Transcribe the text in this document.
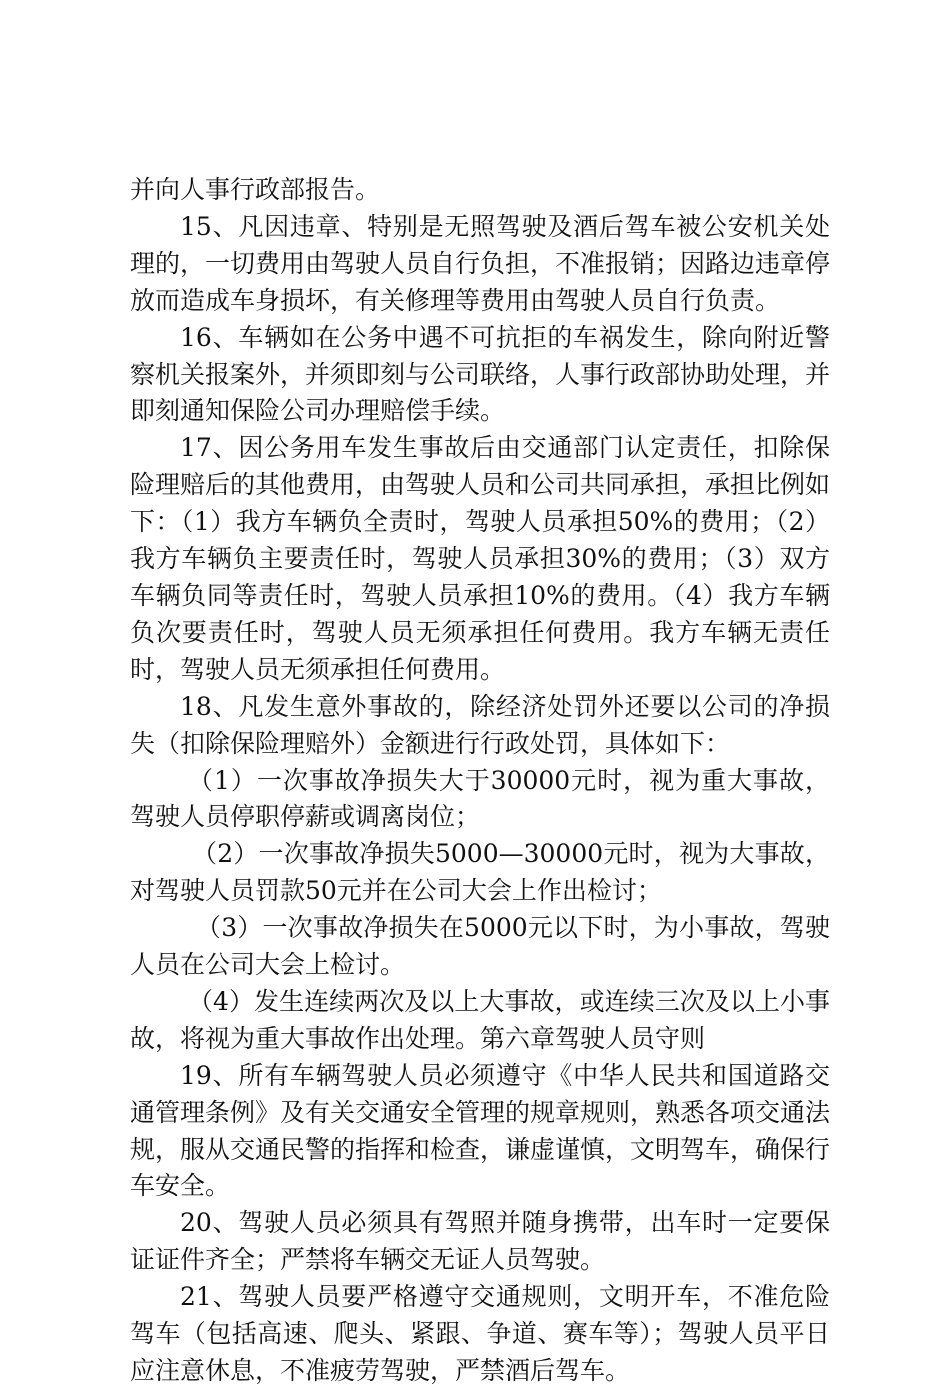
并向人事行政部报告。

15、凡因违章、特别是无照驾驶及酒后驾车被公安机关处理的，一切费用由驾驶人员自行负担，不准报销；因路边违章停放而造成车身损坏，有关修理等费用由驾驶人员自行负责。

16、车辆如在公务中遇不可抗拒的车祸发生，除向附近警察机关报案外，并须即刻与公司联络，人事行政部协助处理，并即刻通知保险公司办理赔偿手续。

17、因公务用车发生事故后由交通部门认定责任，扣除保险理赔后的其他费用，由驾驶人员和公司共同承担，承担比例如下：（1）我方车辆负全责时，驾驶人员承担50%的费用；（2）我方车辆负主要责任时，驾驶人员承担30%的费用；（3）双方车辆负同等责任时，驾驶人员承担10%的费用。（4）我方车辆负次要责任时，驾驶人员无须承担任何费用。我方车辆无责任时，驾驶人员无须承担任何费用。

18、凡发生意外事故的，除经济处罚外还要以公司的净损失（扣除保险理赔外）金额进行行政处罚，具体如下：

（1）一次事故净损失大于30000元时，视为重大事故，驾驶人员停职停薪或调离岗位；

（2）一次事故净损失5000—30000元时，视为大事故，对驾驶人员罚款50元并在公司大会上作出检讨；

（3）一次事故净损失在5000元以下时，为小事故，驾驶人员在公司大会上检讨。

（4）发生连续两次及以上大事故，或连续三次及以上小事故，将视为重大事故作出处理。第六章驾驶人员守则

19、所有车辆驾驶人员必须遵守《中华人民共和国道路交通管理条例》及有关交通安全管理的规章规则，熟悉各项交通法规，服从交通民警的指挥和检查，谦虚谨慎，文明驾车，确保行车安全。

20、驾驶人员必须具有驾照并随身携带，出车时一定要保证证件齐全；严禁将车辆交无证人员驾驶。

21、驾驶人员要严格遵守交通规则，文明开车，不准危险驾车（包括高速、爬头、紧跟、争道、赛车等）；驾驶人员平日应注意休息，不准疲劳驾驶，严禁酒后驾车。
